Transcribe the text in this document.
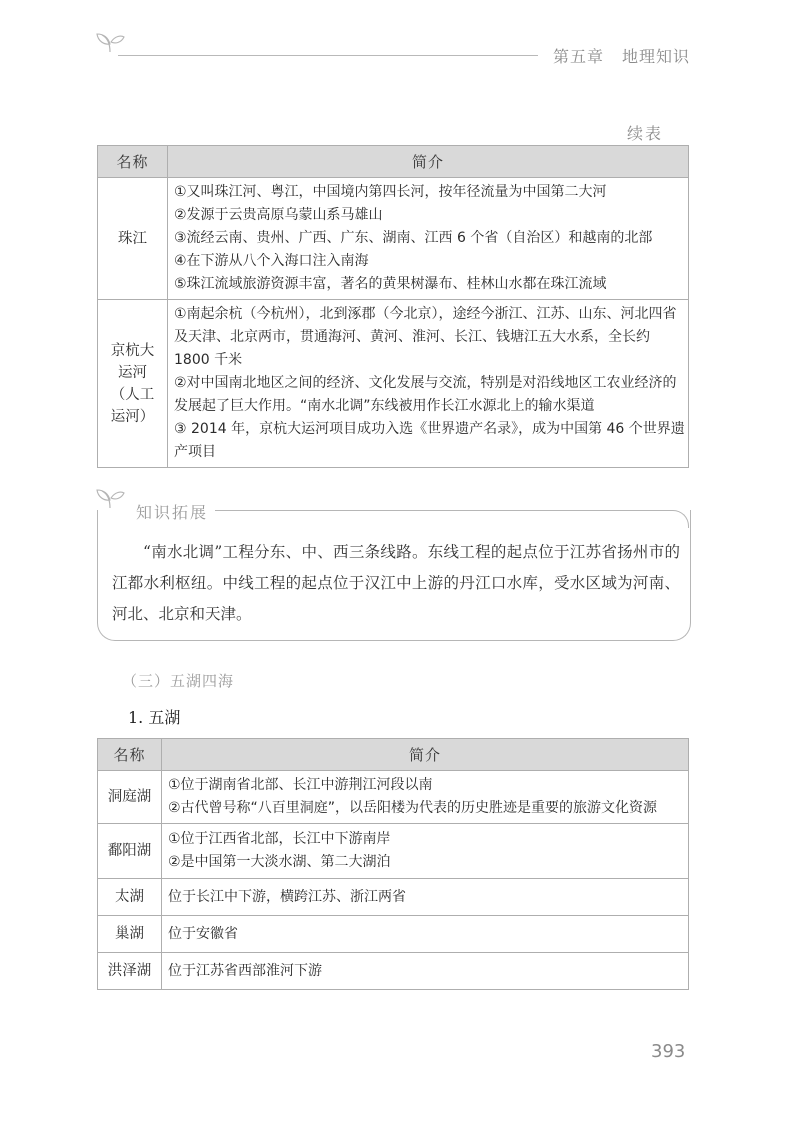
第五章 地理知识
续表
名称	简介
珠江	①又叫珠江河、粤江，中国境内第四长河，按年径流量为中国第二大河
②发源于云贵高原乌蒙山系马雄山
③流经云南、贵州、广西、广东、湖南、江西 6 个省（自治区）和越南的北部
④在下游从八个入海口注入南海
⑤珠江流域旅游资源丰富，著名的黄果树瀑布、桂林山水都在珠江流域

京杭大运河（人工运河）	①南起余杭（今杭州），北到涿郡（今北京），途经今浙江、江苏、山东、河北四省及天津、北京两市，贯通海河、黄河、淮河、长江、钱塘江五大水系，全长约 1800 千米
②对中国南北地区之间的经济、文化发展与交流，特别是对沿线地区工农业经济的发展起了巨大作用。“南水北调”东线被用作长江水源北上的输水渠道
③ 2014 年，京杭大运河项目成功入选《世界遗产名录》，成为中国第 46 个世界遗产项目
知识拓展
“南水北调”工程分东、中、西三条线路。东线工程的起点位于江苏省扬州市的江都水利枢纽。中线工程的起点位于汉江中上游的丹江口水库，受水区域为河南、河北、北京和天津。
（三）五湖四海
1. 五湖
名称	简介
洞庭湖	①位于湖南省北部、长江中游荆江河段以南
②古代曾号称“八百里洞庭”，以岳阳楼为代表的历史胜迹是重要的旅游文化资源

鄱阳湖	①位于江西省北部，长江中下游南岸
②是中国第一大淡水湖、第二大湖泊

太湖	位于长江中下游，横跨江苏、浙江两省
巢湖	位于安徽省
洪泽湖	位于江苏省西部淮河下游
393
